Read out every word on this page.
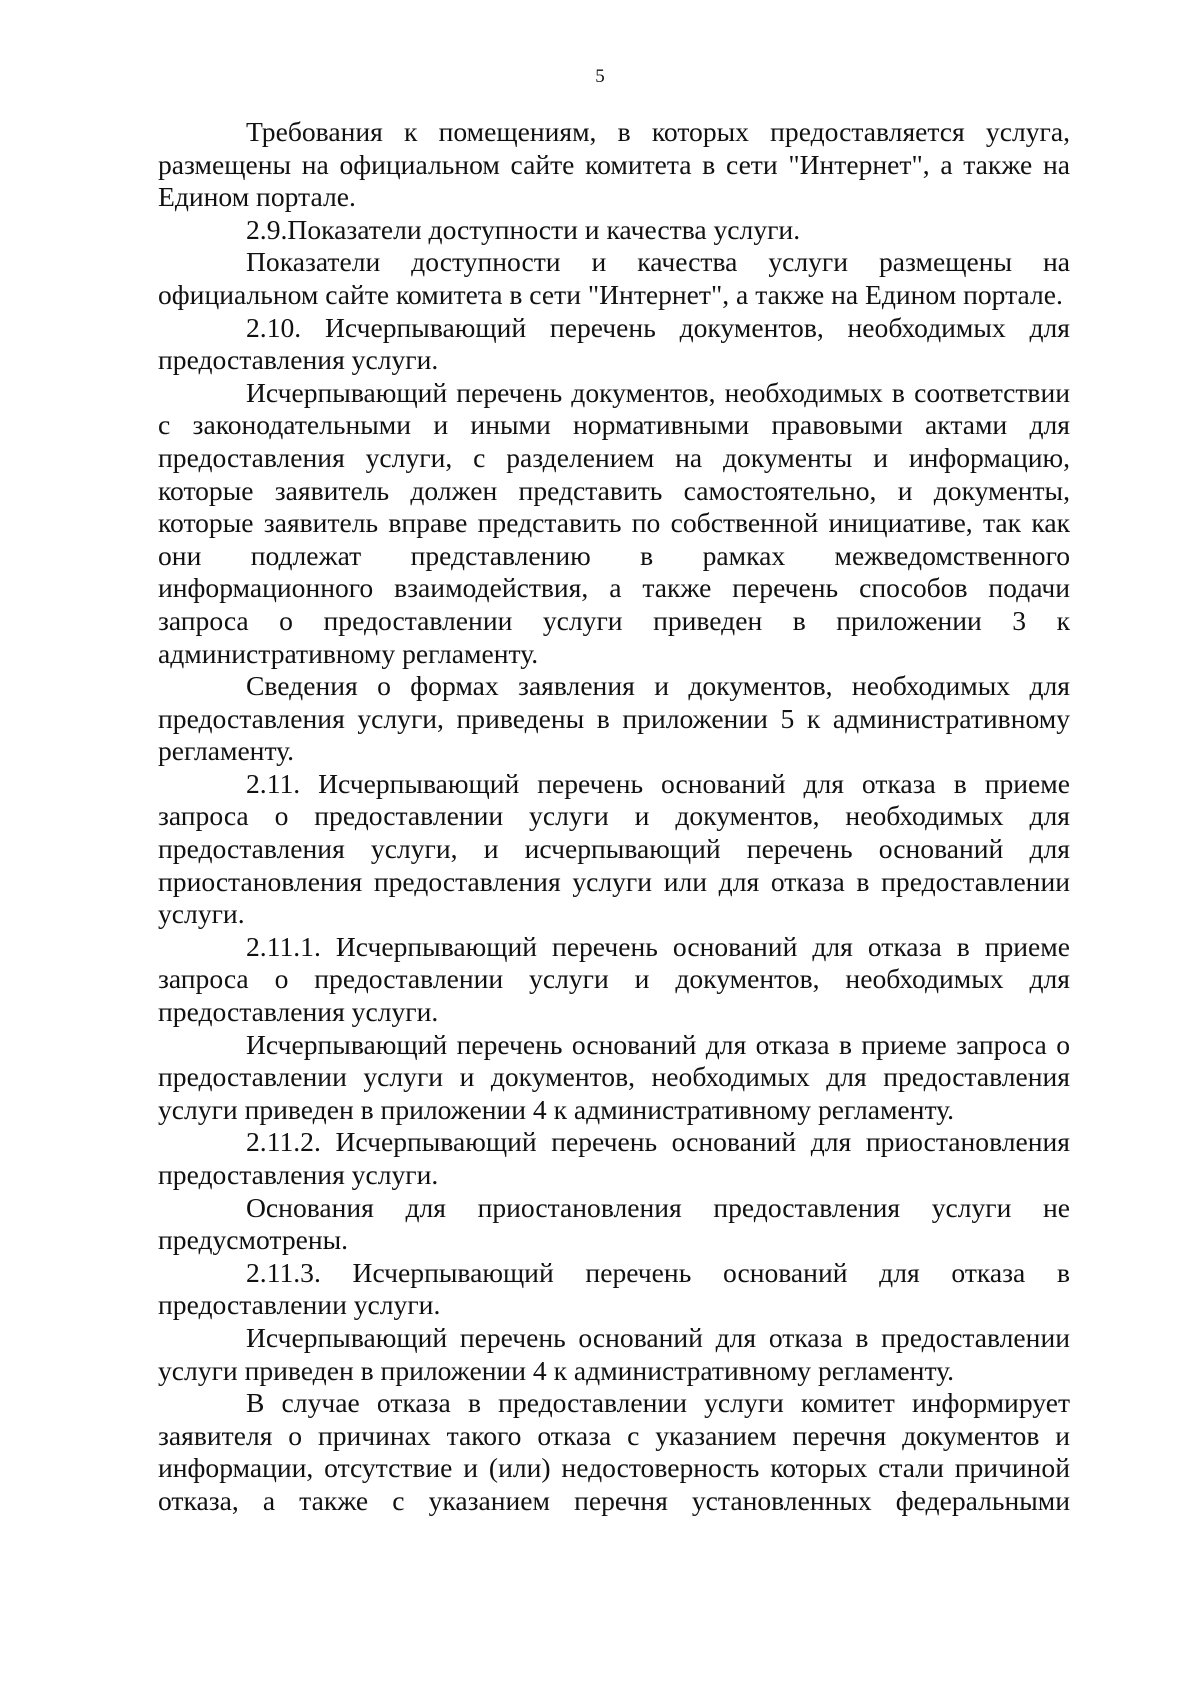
5

Требования к помещениям, в которых предоставляется услуга, размещены на официальном сайте комитета в сети "Интернет", а также на Едином портале.

2.9.Показатели доступности и качества услуги.

Показатели доступности и качества услуги размещены на официальном сайте комитета в сети "Интернет", а также на Едином портале.

2.10. Исчерпывающий перечень документов, необходимых для предоставления услуги.

Исчерпывающий перечень документов, необходимых в соответствии с законодательными и иными нормативными правовыми актами для предоставления услуги, с разделением на документы и информацию, которые заявитель должен представить самостоятельно, и документы, которые заявитель вправе представить по собственной инициативе, так как они подлежат представлению в рамках межведомственного информационного взаимодействия, а также перечень способов подачи запроса о предоставлении услуги приведен в приложении 3 к административному регламенту.

Сведения о формах заявления и документов, необходимых для предоставления услуги, приведены в приложении 5 к административному регламенту.

2.11. Исчерпывающий перечень оснований для отказа в приеме запроса о предоставлении услуги и документов, необходимых для предоставления услуги, и исчерпывающий перечень оснований для приостановления предоставления услуги или для отказа в предоставлении услуги.

2.11.1. Исчерпывающий перечень оснований для отказа в приеме запроса о предоставлении услуги и документов, необходимых для предоставления услуги.

Исчерпывающий перечень оснований для отказа в приеме запроса о предоставлении услуги и документов, необходимых для предоставления услуги приведен в приложении 4 к административному регламенту.

2.11.2. Исчерпывающий перечень оснований для приостановления предоставления услуги.

Основания для приостановления предоставления услуги не предусмотрены.

2.11.3. Исчерпывающий перечень оснований для отказа в предоставлении услуги.

Исчерпывающий перечень оснований для отказа в предоставлении услуги приведен в приложении 4 к административному регламенту.

В случае отказа в предоставлении услуги комитет информирует заявителя о причинах такого отказа с указанием перечня документов и информации, отсутствие и (или) недостоверность которых стали причиной отказа, а также с указанием перечня установленных федеральными
